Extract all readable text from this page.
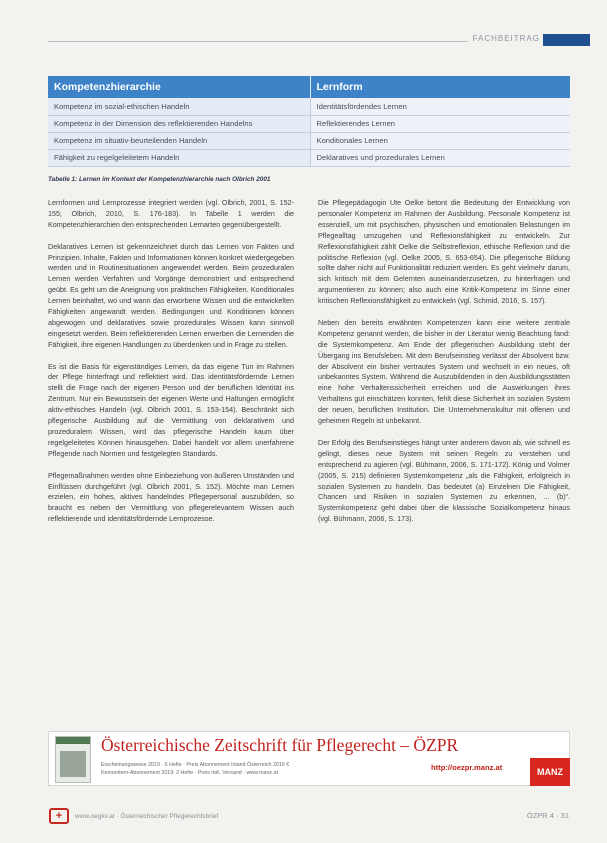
FACHBEITRAG
Kompetenzhierarchie	Lernform
Kompetenz im sozial-ethischen Handeln	Identitätsfördendes Lernen
Kompetenz in der Dimension des reflektierenden Handelns	Reflektierendes Lernen
Kompetenz im situativ-beurteilenden Handeln	Konditionales Lernen
Fähigkeit zu regelgeleitetem Handeln	Deklaratives und prozedurales Lernen
Tabelle 1: Lernen im Kontext der Kompetenzhierarchie nach Olbrich 2001

Lernformen und Lernprozesse integriert werden (vgl. Olbrich, 2001, S. 152-155; Olbrich, 2010, S. 176-183). In Tabelle 1 werden die Kompetenzhierarchien den entsprechenden Lernarten gegenübergestellt.

Deklaratives Lernen ist gekennzeichnet durch das Lernen von Fakten und Prinzipien. Inhalte, Fakten und Informationen können konkret wiedergegeben werden und in Routinesituationen angewendet werden. Beim prozeduralen Lernen werden Verfahren und Vorgänge demonstriert und entsprechend geübt. Es geht um die Aneignung von praktischen Fähigkeiten. Konditionales Lernen beinhaltet, wo und wann das erworbene Wissen und die entwickelten Fähigkeiten angewandt werden. Bedingungen und Konditionen können abgewogen und deklaratives sowie prozedurales Wissen kann sinnvoll eingesetzt werden. Beim reflektierenden Lernen erwerben die Lernenden die Fähigkeit, ihre eigenen Handlungen zu überdenken und in Frage zu stellen.

Es ist die Basis für eigenständiges Lernen, da das eigene Tun im Rahmen der Pflege hinterfragt und reflektiert wird. Das identitätsfördernde Lernen stellt die Frage nach der eigenen Person und der beruflichen Identität ins Zentrum. Nur ein Bewusstsein der eigenen Werte und Haltungen ermöglicht aktiv-ethisches Handeln (vgl. Olbrich 2001, S. 153-154). Beschränkt sich pflegerische Ausbildung auf die Vermittlung von deklarativem und prozeduralem Wissen, wird das pflegerische Handeln kaum über regelgeleitetes Können hinausgehen. Dabei handelt vor allem unerfahrene Pflegende nach Normen und festgelegten Standards.

Pflegemaßnahmen werden ohne Einbeziehung von äußeren Umständen und Einflüssen durchgeführt (vgl. Olbrich 2001, S. 152). Möchte man Lernen erzielen, ein hohes, aktives handelndes Pflegepersonal auszubilden, so braucht es neben der Vermittlung von pflegerelevantem Wissen auch reflektierende und identitätsfördernde Lernprozesse.

Die Pflegepädagogin Ute Oelke betont die Bedeutung der Entwicklung von personaler Kompetenz im Rahmen der Ausbildung. Personale Kompetenz ist essenziell, um mit psychischen, physischen und emotionalen Belastungen im Pflegealltag umzugehen und Reflexionsfähigkeit zu entwickeln. Zur Reflexionsfähigkeit zählt Oelke die Selbstreflexion, ethische Reflexion und die politische Reflexion (vgl. Oelke 2005, S. 653-654). Die pflegerische Bildung sollte daher nicht auf Funktionalität reduziert werden. Es geht vielmehr darum, sich kritisch mit dem Gelernten auseinanderzusetzen, zu hinterfragen und argumentieren zu können; also auch eine Kritik-Kompetenz im Sinne einer kritischen Reflexionsfähigkeit zu entwickeln (vgl. Schmid, 2016, S. 157).

Neben den bereits erwähnten Kompetenzen kann eine weitere zentrale Kompetenz genannt werden, die bisher in der Literatur wenig Beachtung fand: die Systemkompetenz. Am Ende der pflegerischen Ausbildung steht der Übergang ins Berufsleben. Mit dem Berufseinstieg verlässt der Absolvent bzw. der Absolvent ein bisher vertrautes System und wechselt in ein neues, oft unbekanntes System. Während die Auszubildenden in den Ausbildungsstätten eine hohe Verhaltenssicherheit erreichen und die Auswirkungen ihres Verhaltens gut einschätzen konnten, fehlt diese Sicherheit im sozialen System der neuen, beruflichen Institution. Die Unternehmenskultur mit offenen und geheimen Regeln ist unbekannt.

Der Erfolg des Berufseinstieges hängt unter anderem davon ab, wie schnell es gelingt, dieses neue System mit seinen Regeln zu verstehen und entsprechend zu agieren (vgl. Bühmann, 2006, S. 171-172). König und Volmer (2005, S. 215) definieren Systemkompetenz „als die Fähigkeit, erfolgreich in sozialen Systemen zu handeln. Das bedeutet (a) Einzelnen Die Fähigkeit, Chancen und Risiken in sozialen Systemen zu erkennen, ... (b)“. Systemkompetenz geht dabei über die klassische Sozialkompetenz hinaus (vgl. Bühmann, 2006, S. 173).

Österreichische Zeitschrift für Pflegerecht – ÖZPR
Erscheinungsweise 2019 · 6 Hefte · Preis Abonnement Inland Österreich 2019 €
Kennenlern-Abonnement 2019: 2 Hefte · Preis inkl. Versand · www.manz.at
http://oezpr.manz.at	MANZ
+	www.oegkv.at · Österreichischer Pflegerechtsbrief	ÖZPR 4 · 31
